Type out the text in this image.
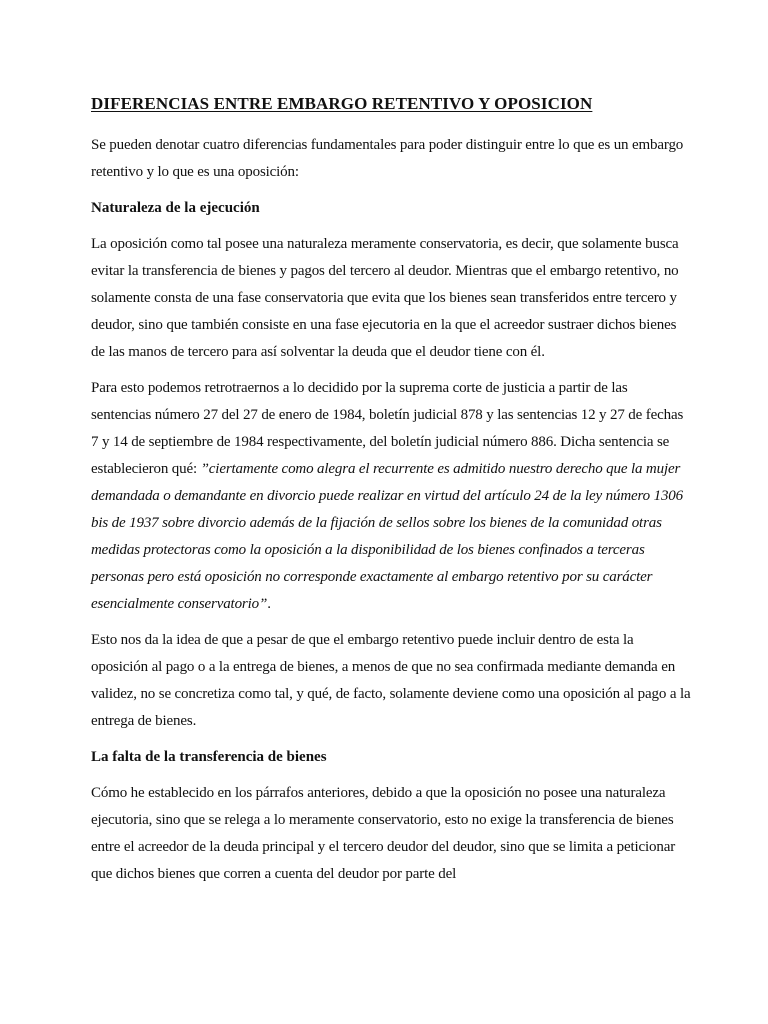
DIFERENCIAS ENTRE EMBARGO RETENTIVO Y OPOSICION

Se pueden denotar cuatro diferencias fundamentales para poder distinguir entre lo que es un embargo retentivo y lo que es una oposición:

Naturaleza de la ejecución

La oposición como tal posee una naturaleza meramente conservatoria, es decir, que solamente busca evitar la transferencia de bienes y pagos del tercero al deudor. Mientras que el embargo retentivo, no solamente consta de una fase conservatoria que evita que los bienes sean transferidos entre tercero y deudor, sino que también consiste en una fase ejecutoria en la que el acreedor sustraer dichos bienes de las manos de tercero para así solventar la deuda que el deudor tiene con él.

Para esto podemos retrotraernos a lo decidido por la suprema corte de justicia a partir de las sentencias número 27 del 27 de enero de 1984, boletín judicial 878 y las sentencias 12 y 27 de fechas 7 y 14 de septiembre de 1984 respectivamente, del boletín judicial número 886. Dicha sentencia se establecieron qué: ”ciertamente como alegra el recurrente es admitido nuestro derecho que la mujer demandada o demandante en divorcio puede realizar en virtud del artículo 24 de la ley número 1306 bis de 1937 sobre divorcio además de la fijación de sellos sobre los bienes de la comunidad otras medidas protectoras como la oposición a la disponibilidad de los bienes confinados a terceras personas pero está oposición no corresponde exactamente al embargo retentivo por su carácter esencialmente conservatorio”.

Esto nos da la idea de que a pesar de que el embargo retentivo puede incluir dentro de esta la oposición al pago o a la entrega de bienes, a menos de que no sea confirmada mediante demanda en validez, no se concretiza como tal, y qué, de facto, solamente deviene como una oposición al pago a la entrega de bienes.

La falta de la transferencia de bienes

Cómo he establecido en los párrafos anteriores, debido a que la oposición no posee una naturaleza ejecutoria, sino que se relega a lo meramente conservatorio, esto no exige la transferencia de bienes entre el acreedor de la deuda principal y el tercero deudor del deudor, sino que se limita a peticionar que dichos bienes que corren a cuenta del deudor por parte del
